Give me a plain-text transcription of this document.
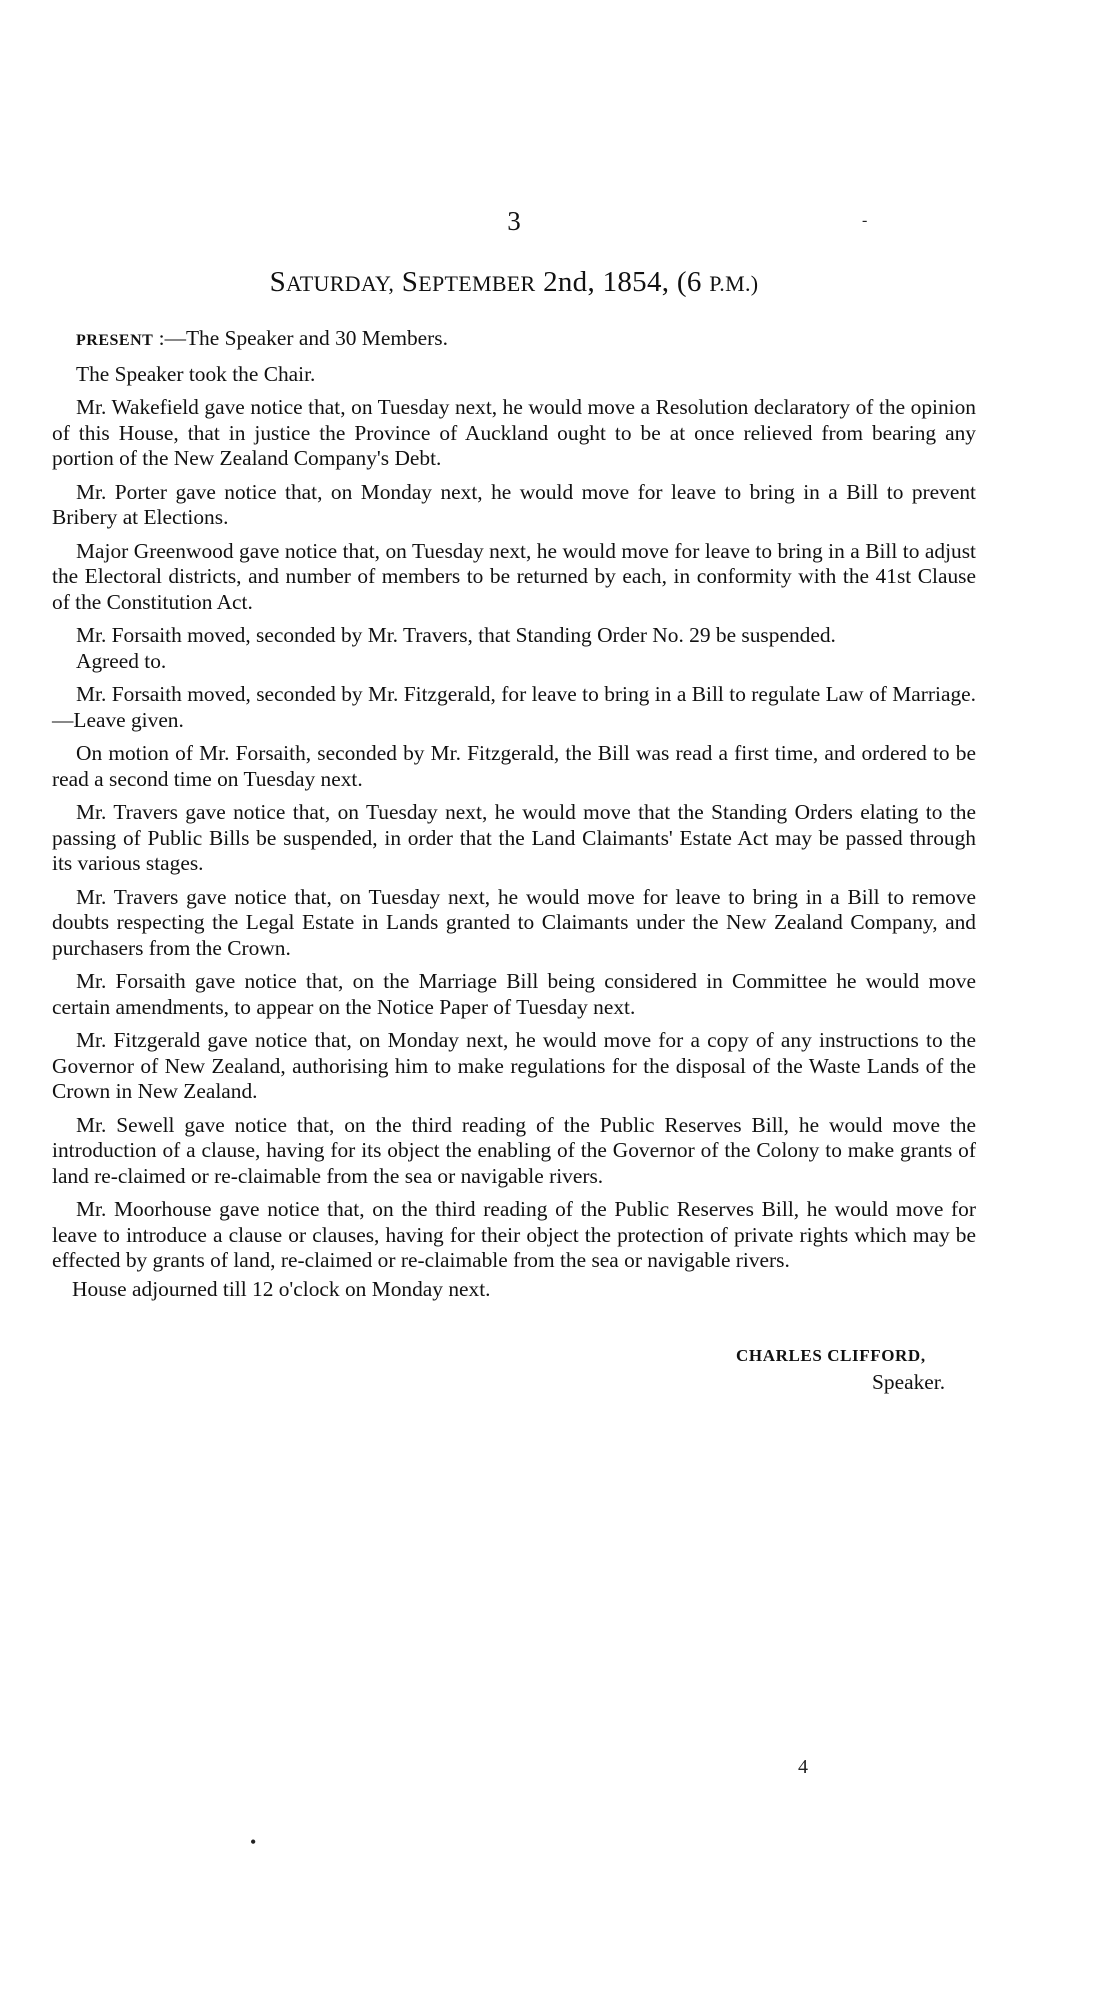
3	-
SATURDAY, SEPTEMBER 2nd, 1854, (6 P.M.)

PRESENT :—The Speaker and 30 Members.

The Speaker took the Chair.

Mr. Wakefield gave notice that, on Tuesday next, he would move a Resolution declaratory of the opinion of this House, that in justice the Province of Auckland ought to be at once relieved from bearing any portion of the New Zealand Company's Debt.

Mr. Porter gave notice that, on Monday next, he would move for leave to bring in a Bill to prevent Bribery at Elections.

Major Greenwood gave notice that, on Tuesday next, he would move for leave to bring in a Bill to adjust the Electoral districts, and number of members to be returned by each, in conformity with the 41st Clause of the Constitution Act.

Mr. Forsaith moved, seconded by Mr. Travers, that Standing Order No. 29 be suspended.

Agreed to.

Mr. Forsaith moved, seconded by Mr. Fitzgerald, for leave to bring in a Bill to regulate Law of Marriage.—Leave given.

On motion of Mr. Forsaith, seconded by Mr. Fitzgerald, the Bill was read a first time, and ordered to be read a second time on Tuesday next.

Mr. Travers gave notice that, on Tuesday next, he would move that the Standing Orders elating to the passing of Public Bills be suspended, in order that the Land Claimants' Estate Act may be passed through its various stages.

Mr. Travers gave notice that, on Tuesday next, he would move for leave to bring in a Bill to remove doubts respecting the Legal Estate in Lands granted to Claimants under the New Zealand Company, and purchasers from the Crown.

Mr. Forsaith gave notice that, on the Marriage Bill being considered in Committee he would move certain amendments, to appear on the Notice Paper of Tuesday next.

Mr. Fitzgerald gave notice that, on Monday next, he would move for a copy of any instructions to the Governor of New Zealand, authorising him to make regulations for the disposal of the Waste Lands of the Crown in New Zealand.

Mr. Sewell gave notice that, on the third reading of the Public Reserves Bill, he would move the introduction of a clause, having for its object the enabling of the Governor of the Colony to make grants of land re-claimed or re-claimable from the sea or navigable rivers.

Mr. Moorhouse gave notice that, on the third reading of the Public Reserves Bill, he would move for leave to introduce a clause or clauses, having for their object the protection of private rights which may be effected by grants of land, re-claimed or re-claimable from the sea or navigable rivers.

House adjourned till 12 o'clock on Monday next.
CHARLES CLIFFORD,
Speaker.
4
•
